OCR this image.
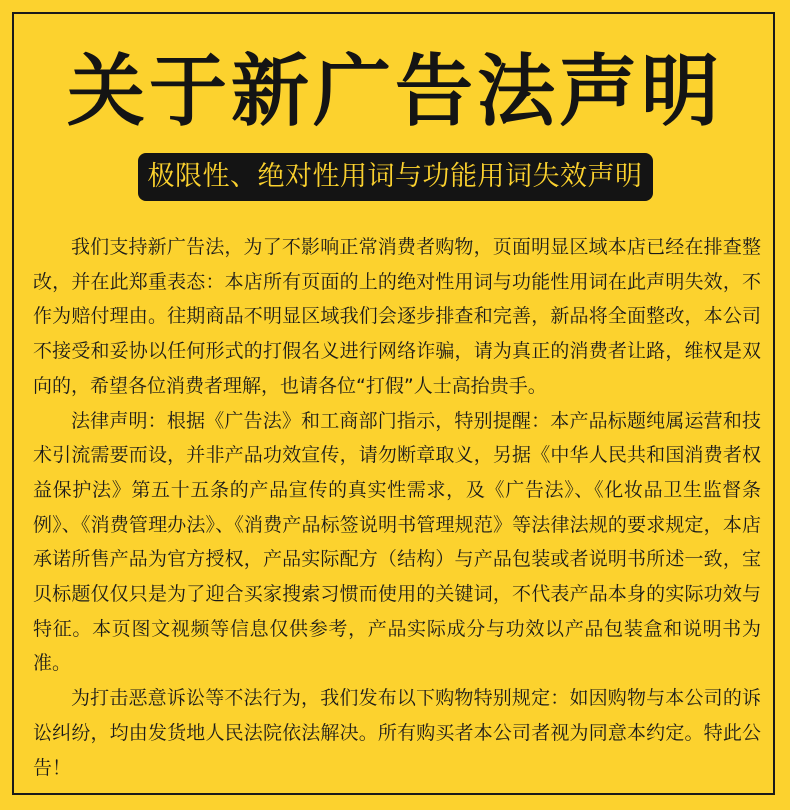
关于新广告法声明
极限性、绝对性用词与功能用词失效声明

我们支持新广告法，为了不影响正常消费者购物，页面明显区域本店已经在排查整改，并在此郑重表态：本店所有页面的上的绝对性用词与功能性用词在此声明失效，不作为赔付理由。往期商品不明显区域我们会逐步排查和完善，新品将全面整改，本公司不接受和妥协以任何形式的打假名义进行网络诈骗，请为真正的消费者让路，维权是双向的，希望各位消费者理解，也请各位“打假”人士高抬贵手。

法律声明：根据《广告法》和工商部门指示，特别提醒：本产品标题纯属运营和技术引流需要而设，并非产品功效宣传，请勿断章取义，另据《中华人民共和国消费者权益保护法》第五十五条的产品宣传的真实性需求，及《广告法》、《化妆品卫生监督条例》、《消费管理办法》、《消费产品标签说明书管理规范》等法律法规的要求规定，本店承诺所售产品为官方授权，产品实际配方（结构）与产品包装或者说明书所述一致，宝贝标题仅仅只是为了迎合买家搜索习惯而使用的关键词，不代表产品本身的实际功效与特征。本页图文视频等信息仅供参考，产品实际成分与功效以产品包装盒和说明书为准。

为打击恶意诉讼等不法行为，我们发布以下购物特别规定：如因购物与本公司的诉讼纠纷，均由发货地人民法院依法解决。所有购买者本公司者视为同意本约定。特此公告！
